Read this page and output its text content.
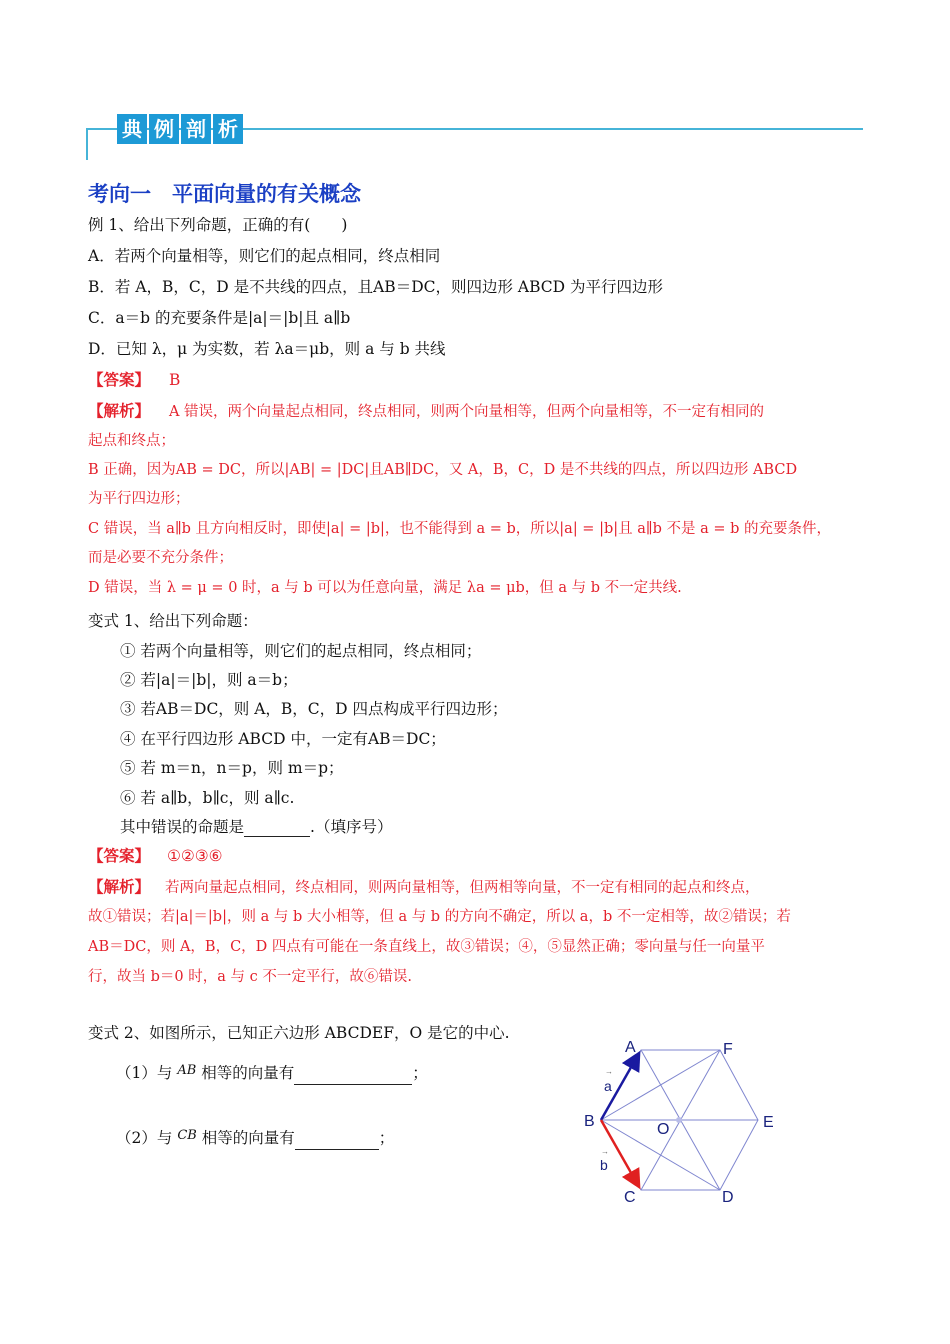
典 例 剖 析
考向一　平面向量的有关概念
例 1、给出下列命题，正确的有(　　)
A．若两个向量相等，则它们的起点相同，终点相同
B．若 A，B，C，D 是不共线的四点，且AB＝DC，则四边形 ABCD 为平行四边形
C．a＝b 的充要条件是|a|＝|b|且 a∥b
D．已知 λ，μ 为实数，若 λa＝μb，则 a 与 b 共线
【答案】 B
【解析】 A 错误，两个向量起点相同，终点相同，则两个向量相等，但两个向量相等，不一定有相同的
起点和终点；
B 正确，因为AB = DC，所以|AB| = |DC|且AB∥DC，又 A，B，C，D 是不共线的四点，所以四边形 ABCD
为平行四边形；
C 错误，当 a∥b 且方向相反时，即使|a| = |b|，也不能得到 a = b，所以|a| = |b|且 a∥b 不是 a = b 的充要条件，
而是必要不充分条件；
D 错误，当 λ = μ = 0 时，a 与 b 可以为任意向量，满足 λa = μb，但 a 与 b 不一定共线.
变式 1、给出下列命题：
① 若两个向量相等，则它们的起点相同，终点相同；
② 若|a|＝|b|，则 a＝b；
③ 若AB＝DC，则 A，B，C，D 四点构成平行四边形；
④ 在平行四边形 ABCD 中，一定有AB＝DC；
⑤ 若 m＝n，n＝p，则 m＝p；
⑥ 若 a∥b，b∥c，则 a∥c.
其中错误的命题是	.（填序号）
【答案】 ①②③⑥
【解析】 若两向量起点相同，终点相同，则两向量相等，但两相等向量，不一定有相同的起点和终点，
故①错误；若|a|＝|b|，则 a 与 b 大小相等，但 a 与 b 的方向不确定，所以 a，b 不一定相等，故②错误；若
AB＝DC，则 A，B，C，D 四点有可能在一条直线上，故③错误；④，⑤显然正确；零向量与任一向量平
行，故当 b＝0 时，a 与 c 不一定平行，故⑥错误.
变式 2、如图所示，已知正六边形 ABCDEF，O 是它的中心.
（1）与 $^{AB}$ 相等的向量有	；
（2）与 $^{CB}$ 相等的向量有	；
A	F
B	E
O
C	D
a
b
→
→
